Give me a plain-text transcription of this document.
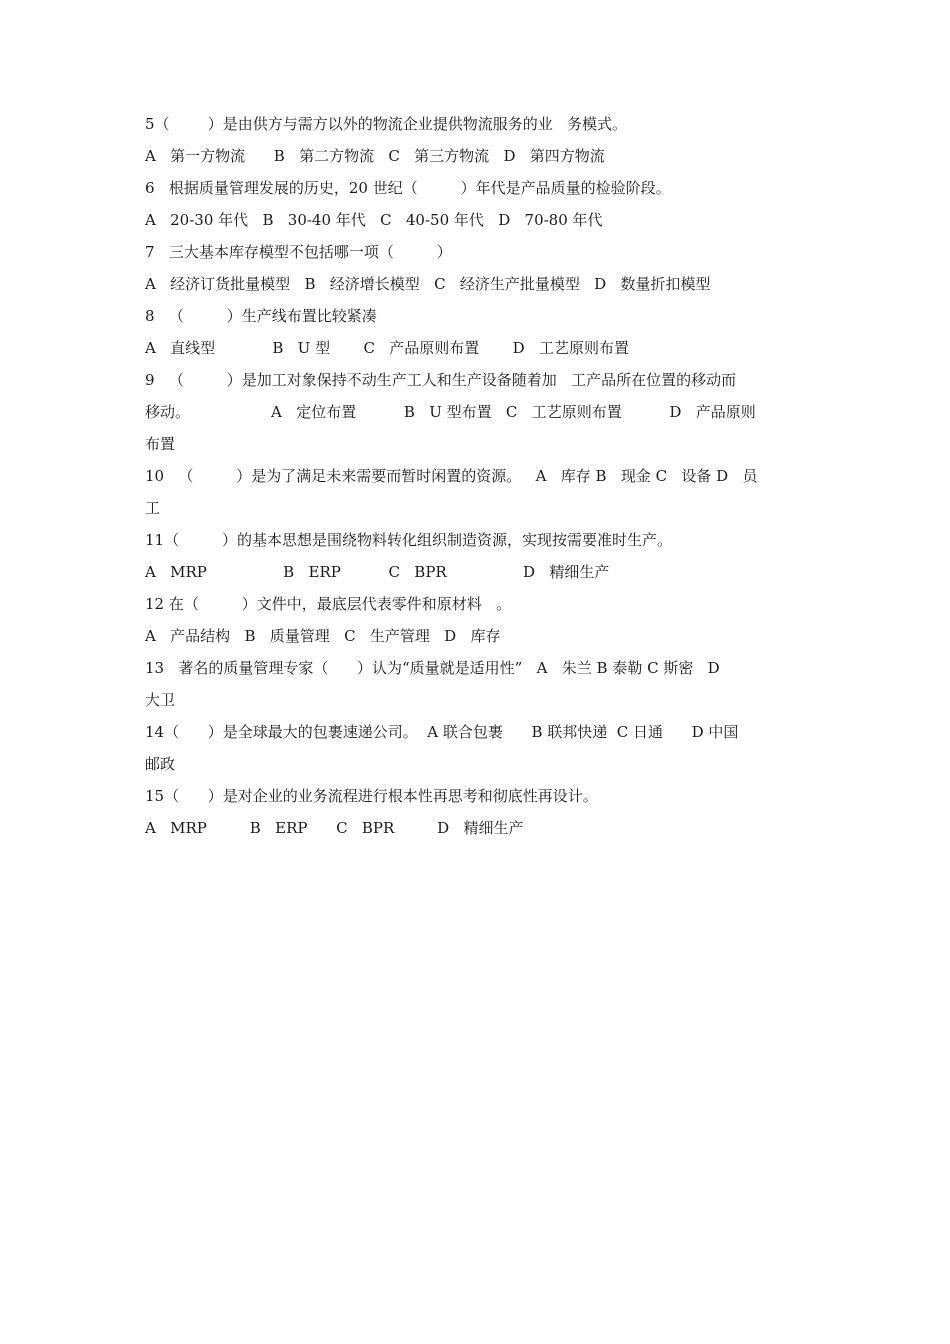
5（        ）是由供方与需方以外的物流企业提供物流服务的业   务模式。
A   第一方物流      B   第二方物流   C   第三方物流   D   第四方物流
6   根据质量管理发展的历史，20 世纪（         ）年代是产品质量的检验阶段。
A   20-30 年代   B   30-40 年代   C   40-50 年代   D   70-80 年代
7   三大基本库存模型不包括哪一项（         ）
A   经济订货批量模型   B   经济增长模型   C   经济生产批量模型   D   数量折扣模型
8   （         ）生产线布置比较紧凑
A   直线型            B   U 型       C   产品原则布置       D   工艺原则布置
9   （         ）是加工对象保持不动生产工人和生产设备随着加   工产品所在位置的移动而
移动。                 A   定位布置          B   U 型布置   C   工艺原则布置          D   产品原则
布置
10   （         ）是为了满足未来需要而暂时闲置的资源。   A   库存 B   现金 C   设备 D   员
工
11（         ）的基本思想是围绕物料转化组织制造资源，实现按需要准时生产。
A   MRP                B   ERP          C   BPR                D   精细生产
12 在（         ）文件中，最底层代表零件和原材料   。
A   产品结构   B   质量管理   C   生产管理   D   库存
13   著名的质量管理专家（      ）认为“质量就是适用性”   A   朱兰 B 泰勒 C 斯密   D
大卫
14（      ）是全球最大的包裹速递公司。  A 联合包裹      B 联邦快递  C 日通      D 中国
邮政
15（      ）是对企业的业务流程进行根本性再思考和彻底性再设计。
A   MRP         B   ERP      C   BPR         D   精细生产
